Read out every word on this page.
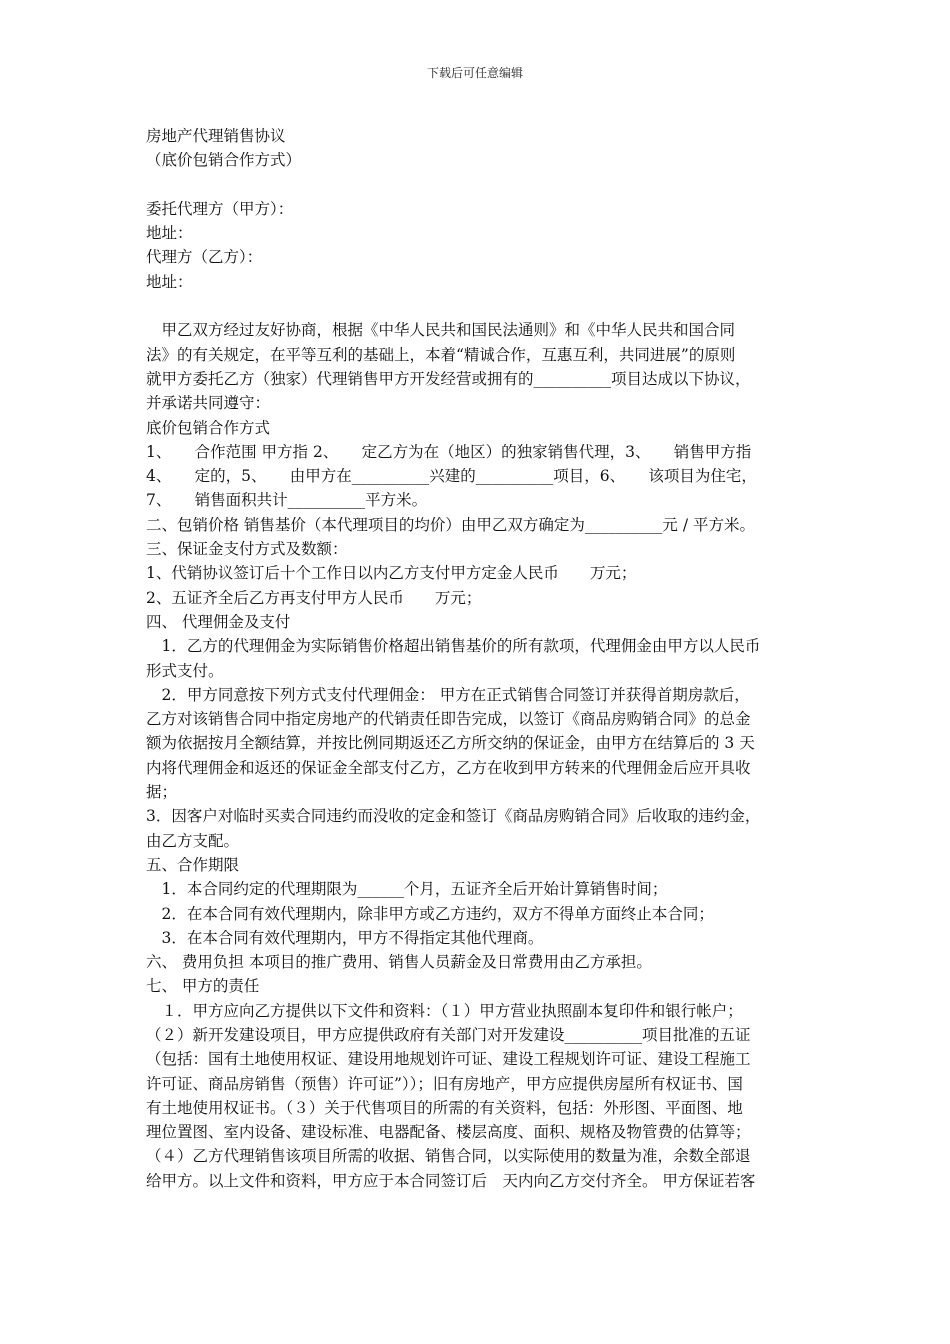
下载后可任意编辑
房地产代理销售协议
（底价包销合作方式）
委托代理方（甲方）：
地址：
代理方（乙方）：
地址：
　甲乙双方经过友好协商，根据《中华人民共和国民法通则》和《中华人民共和国合同
法》的有关规定，在平等互利的基础上，本着“精诚合作，互惠互利，共同进展”的原则
就甲方委托乙方（独家）代理销售甲方开发经营或拥有的__________项目达成以下协议，
并承诺共同遵守：
底价包销合作方式
1、　　合作范围 甲方指 2、　　定乙方为在（地区）的独家销售代理，3、　　销售甲方指
4、　　定的，5、　　由甲方在__________兴建的__________项目，6、　　该项目为住宅，
7、　　销售面积共计__________平方米。
二、包销价格 销售基价（本代理项目的均价）由甲乙双方确定为__________元 / 平方米。
三、保证金支付方式及数额：
1、代销协议签订后十个工作日以内乙方支付甲方定金人民币　　万元；
2、五证齐全后乙方再支付甲方人民币　　万元；
四、 代理佣金及支付
　1．乙方的代理佣金为实际销售价格超出销售基价的所有款项，代理佣金由甲方以人民币
形式支付。
　2．甲方同意按下列方式支付代理佣金： 甲方在正式销售合同签订并获得首期房款后，
乙方对该销售合同中指定房地产的代销责任即告完成，以签订《商品房购销合同》的总金
额为依据按月全额结算，并按比例同期返还乙方所交纳的保证金，由甲方在结算后的 3 天
内将代理佣金和返还的保证金全部支付乙方，乙方在收到甲方转来的代理佣金后应开具收
据；
3．因客户对临时买卖合同违约而没收的定金和签订《商品房购销合同》后收取的违约金，
由乙方支配。
五、合作期限
　1．本合同约定的代理期限为______个月，五证齐全后开始计算销售时间；
　2．在本合同有效代理期内，除非甲方或乙方违约，双方不得单方面终止本合同；
　3．在本合同有效代理期内，甲方不得指定其他代理商。
六、 费用负担 本项目的推广费用、销售人员薪金及日常费用由乙方承担。
七、 甲方的责任
　１．甲方应向乙方提供以下文件和资料：（１）甲方营业执照副本复印件和银行帐户；
（２）新开发建设项目，甲方应提供政府有关部门对开发建设__________项目批准的五证
（包括：国有土地使用权证、建设用地规划许可证、建设工程规划许可证、建设工程施工
许可证、商品房销售（预售）许可证”））；旧有房地产，甲方应提供房屋所有权证书、国
有土地使用权证书。（３）关于代售项目的所需的有关资料，包括：外形图、平面图、地
理位置图、室内设备、建设标准、电器配备、楼层高度、面积、规格及物管费的估算等；
（４）乙方代理销售该项目所需的收据、销售合同，以实际使用的数量为准，余数全部退
给甲方。以上文件和资料，甲方应于本合同签订后　天内向乙方交付齐全。 甲方保证若客
